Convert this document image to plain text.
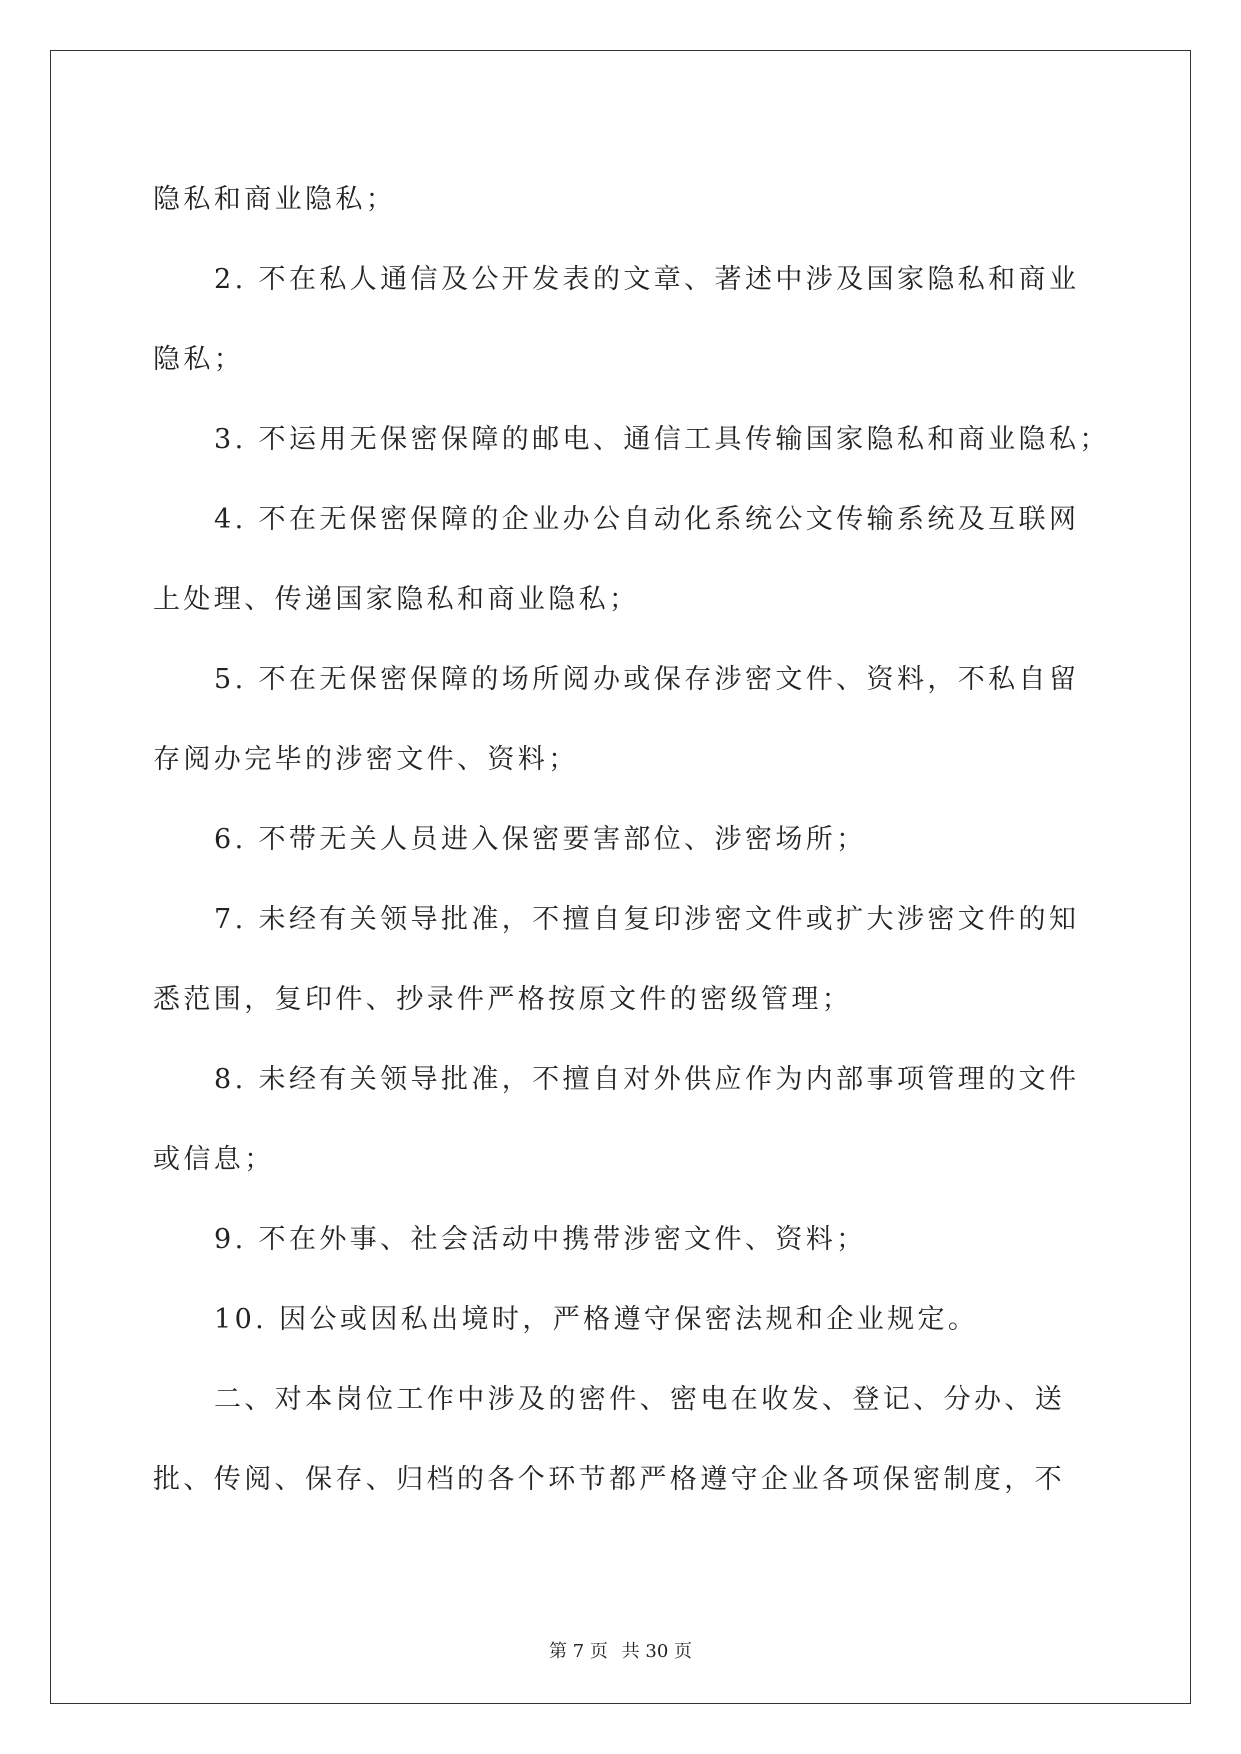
隐私和商业隐私；
2. 不在私人通信及公开发表的文章、著述中涉及国家隐私和商业
隐私；
3. 不运用无保密保障的邮电、通信工具传输国家隐私和商业隐私；
4. 不在无保密保障的企业办公自动化系统公文传输系统及互联网
上处理、传递国家隐私和商业隐私；
5. 不在无保密保障的场所阅办或保存涉密文件、资料，不私自留
存阅办完毕的涉密文件、资料；
6. 不带无关人员进入保密要害部位、涉密场所；
7. 未经有关领导批准，不擅自复印涉密文件或扩大涉密文件的知
悉范围，复印件、抄录件严格按原文件的密级管理；
8. 未经有关领导批准，不擅自对外供应作为内部事项管理的文件
或信息；
9. 不在外事、社会活动中携带涉密文件、资料；
10. 因公或因私出境时，严格遵守保密法规和企业规定。
二、对本岗位工作中涉及的密件、密电在收发、登记、分办、送
批、传阅、保存、归档的各个环节都严格遵守企业各项保密制度，不
第 7 页 共 30 页
